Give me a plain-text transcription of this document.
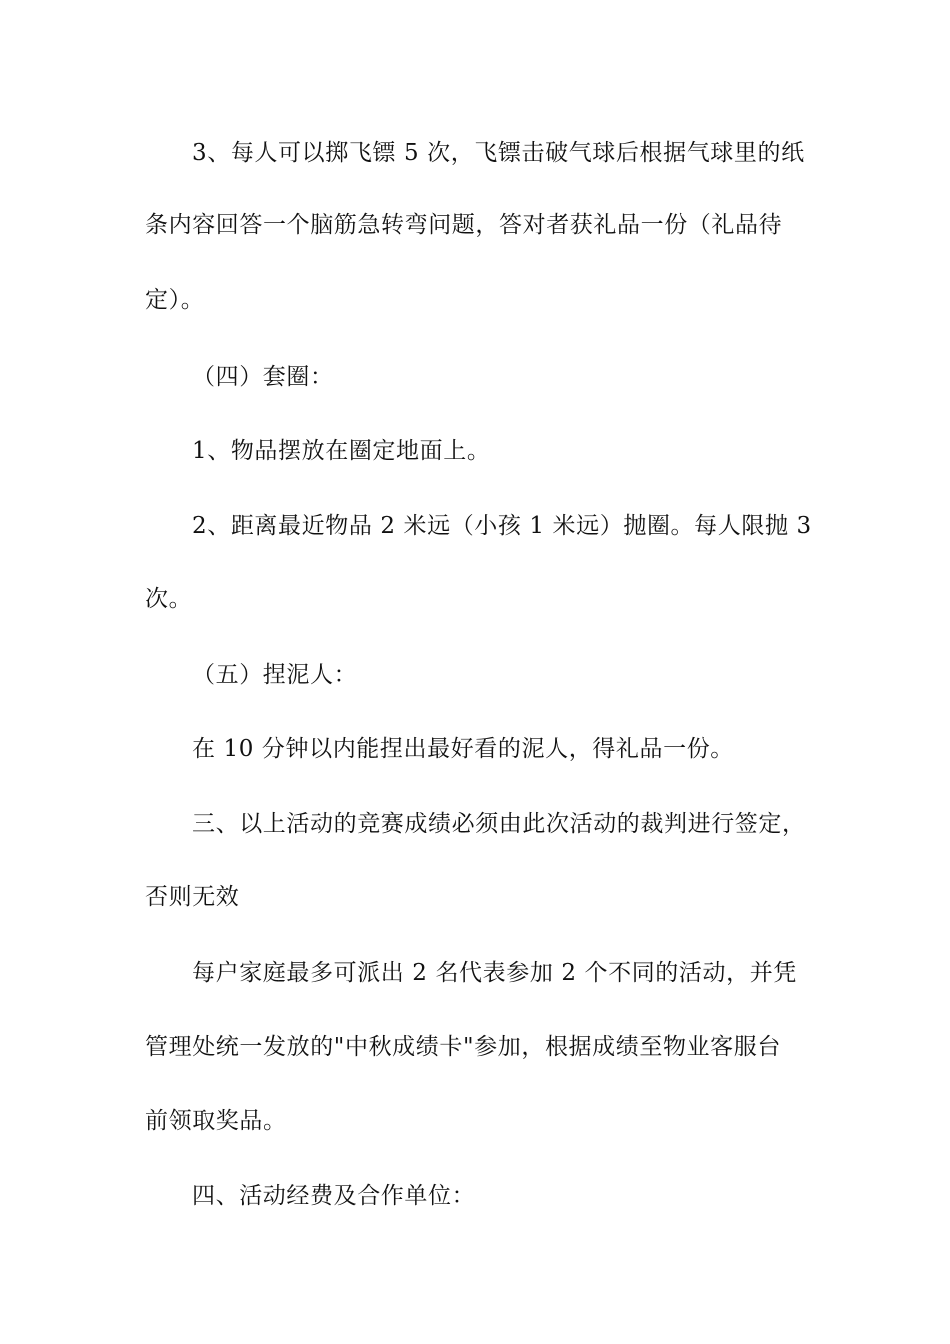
3、每人可以掷飞镖 5 次，飞镖击破气球后根据气球里的纸
条内容回答一个脑筋急转弯问题，答对者获礼品一份（礼品待
定）。
（四）套圈：
1、物品摆放在圈定地面上。
2、距离最近物品 2 米远（小孩 1 米远）抛圈。每人限抛 3
次。
（五）捏泥人：
在 10 分钟以内能捏出最好看的泥人，得礼品一份。
三、以上活动的竞赛成绩必须由此次活动的裁判进行签定，
否则无效
每户家庭最多可派出 2 名代表参加 2 个不同的活动，并凭
管理处统一发放的"中秋成绩卡"参加，根据成绩至物业客服台
前领取奖品。
四、活动经费及合作单位：
